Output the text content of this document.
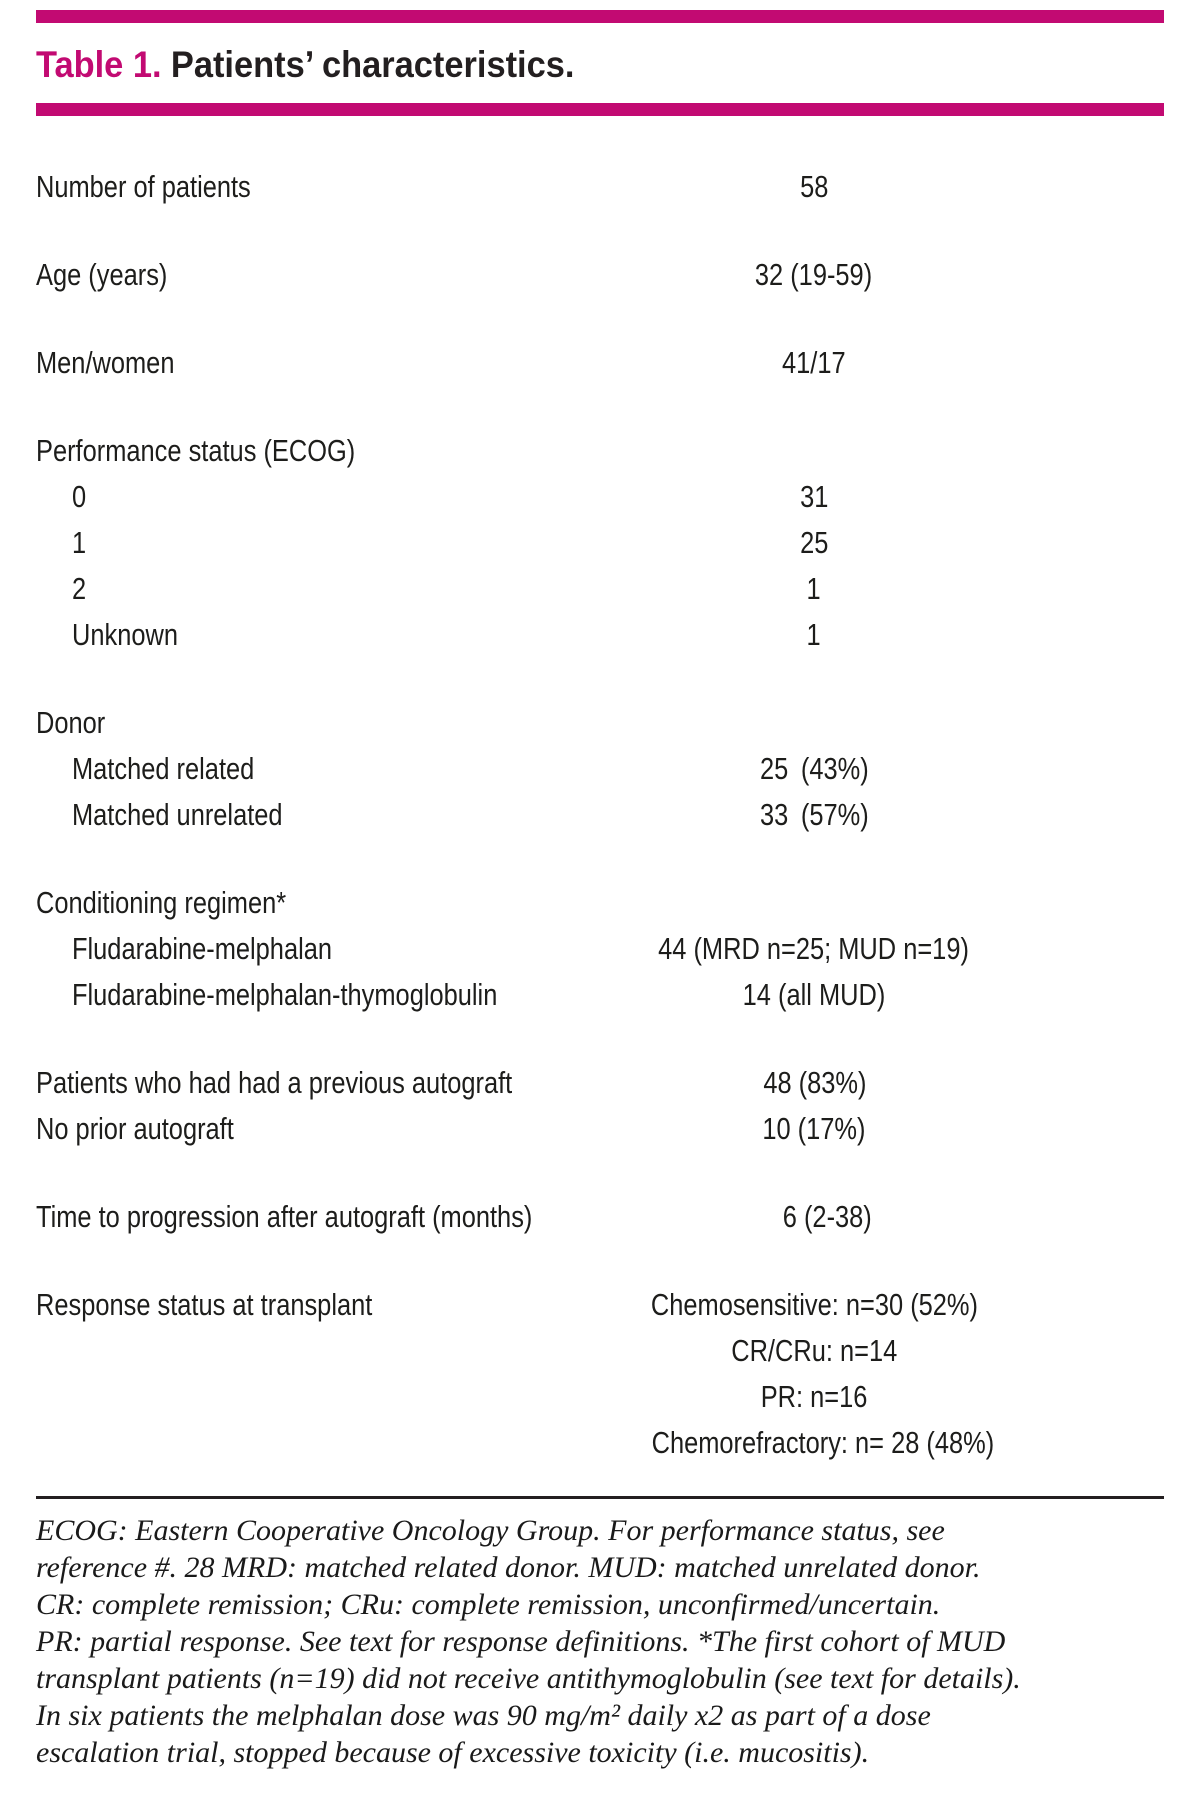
Table 1. Patients’ characteristics.
Number of patients	58
Age (years)	32 (19-59)
Men/women	41/17
Performance status (ECOG)
0	31
1	25
2	1
Unknown	1
Donor
Matched related	25 (43%)
Matched unrelated	33 (57%)
Conditioning regimen*
Fludarabine-melphalan	44 (MRD n=25; MUD n=19)
Fludarabine-melphalan-thymoglobulin	14 (all MUD)
Patients who had had a previous autograft	48 (83%)
No prior autograft	10 (17%)
Time to progression after autograft (months)	6 (2-38)
Response status at transplant	Chemosensitive: n=30 (52%)
CR/CRu: n=14
PR: n=16
Chemorefractory: n= 28 (48%)
ECOG: Eastern Cooperative Oncology Group. For performance status, see
reference #. 28 MRD: matched related donor. MUD: matched unrelated donor.
CR: complete remission; CRu: complete remission, unconfirmed/uncertain.
PR: partial response. See text for response definitions. *The first cohort of MUD
transplant patients (n=19) did not receive antithymoglobulin (see text for details).
In six patients the melphalan dose was 90 mg/m² daily x2 as part of a dose
escalation trial, stopped because of excessive toxicity (i.e. mucositis).
